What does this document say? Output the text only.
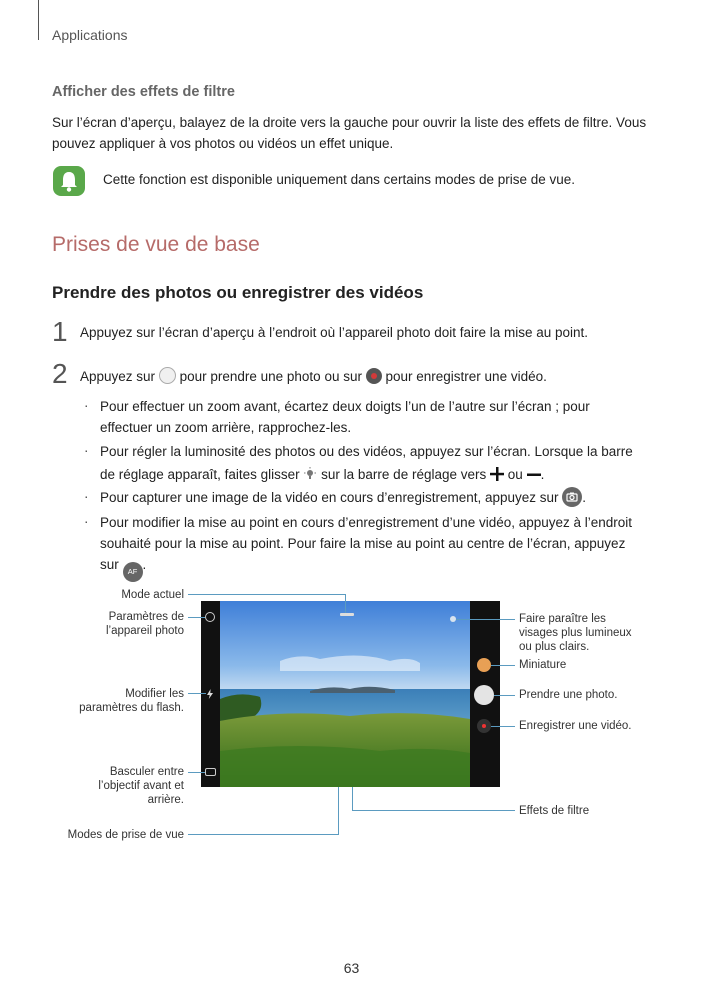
Applications
Afficher des effets de filtre
Sur l’écran d’aperçu, balayez de la droite vers la gauche pour ouvrir la liste des effets de filtre. Vous pouvez appliquer à vos photos ou vidéos un effet unique.
Cette fonction est disponible uniquement dans certains modes de prise de vue.
Prises de vue de base
Prendre des photos ou enregistrer des vidéos
1 Appuyez sur l’écran d’aperçu à l’endroit où l’appareil photo doit faire la mise au point.
2 Appuyez sur pour prendre une photo ou sur pour enregistrer une vidéo.
· Pour effectuer un zoom avant, écartez deux doigts l’un de l’autre sur l’écran ; pour effectuer un zoom arrière, rapprochez-les.
· Pour régler la luminosité des photos ou des vidéos, appuyez sur l’écran. Lorsque la barre de réglage apparaît, faites glisser sur la barre de réglage vers ou .
· Pour capturer une image de la vidéo en cours d’enregistrement, appuyez sur .
· Pour modifier la mise au point en cours d’enregistrement d’une vidéo, appuyez à l’endroit souhaité pour la mise au point. Pour faire la mise au point au centre de l’écran, appuyez sur AF .
Mode actuel
Paramètres de l’appareil photo
Modifier les paramètres du flash.
Basculer entre l’objectif avant et arrière.
Modes de prise de vue
Faire paraître les visages plus lumineux ou plus clairs.
Miniature
Prendre une photo.
Enregistrer une vidéo.
Effets de filtre
63
